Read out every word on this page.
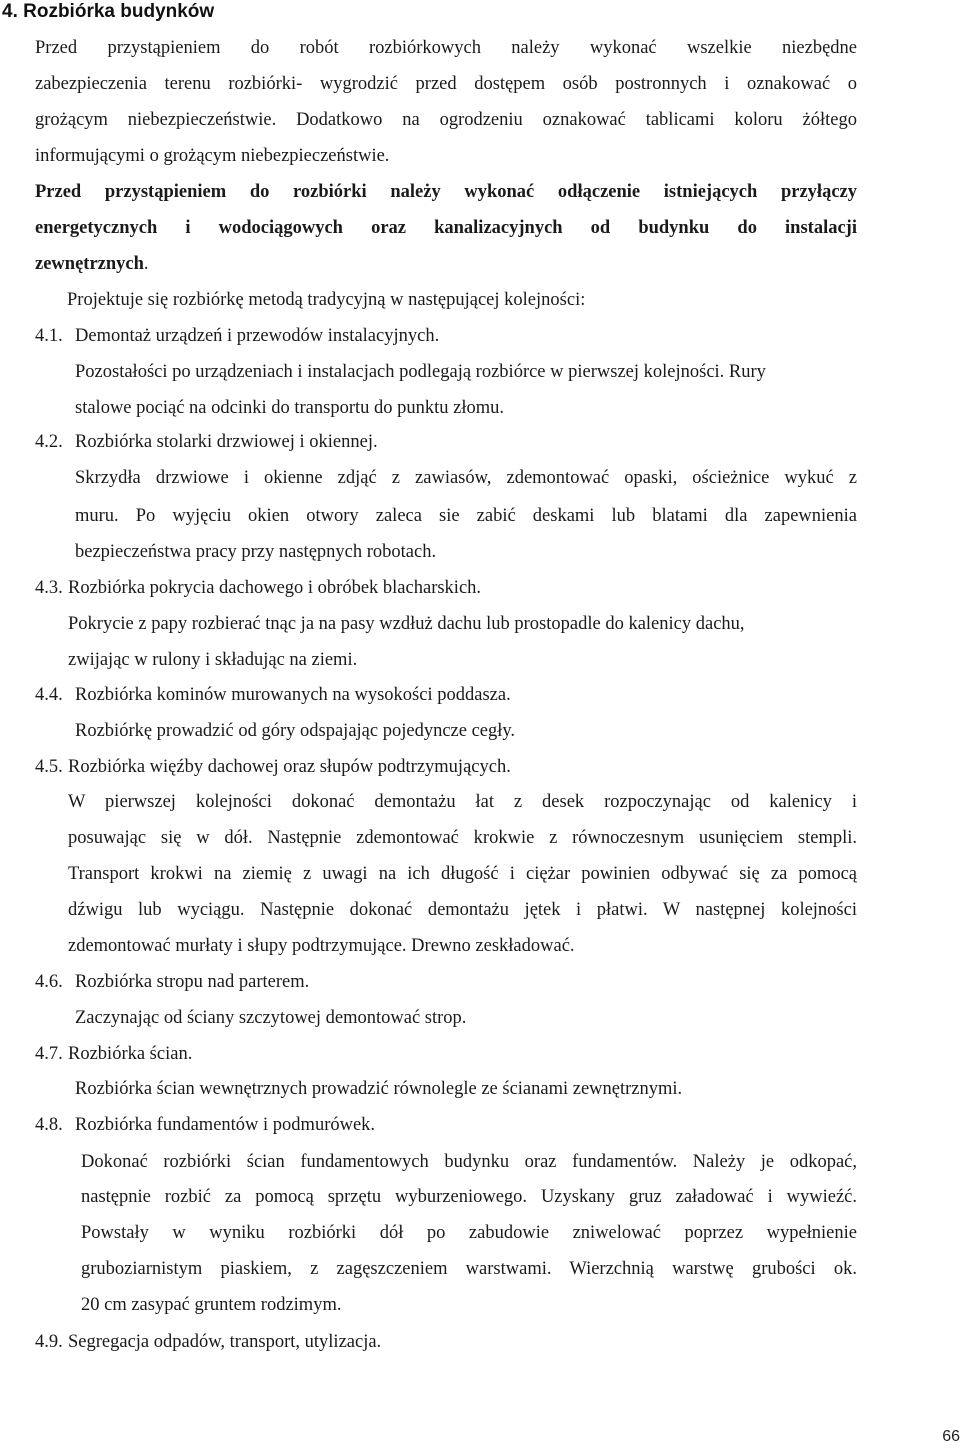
4. Rozbiórka budynków
Przed przystąpieniem do robót rozbiórkowych należy wykonać wszelkie niezbędne
zabezpieczenia terenu rozbiórki- wygrodzić przed dostępem osób postronnych i oznakować o
grożącym niebezpieczeństwie. Dodatkowo na ogrodzeniu oznakować tablicami koloru żółtego
informującymi o grożącym niebezpieczeństwie.
Przed przystąpieniem do rozbiórki należy wykonać odłączenie istniejących przyłączy
energetycznych i wodociągowych oraz kanalizacyjnych od budynku do instalacji
zewnętrznych.
Projektuje się rozbiórkę metodą tradycyjną w następującej kolejności:
4.1. Demontaż urządzeń i przewodów instalacyjnych.
Pozostałości po urządzeniach i instalacjach podlegają rozbiórce w pierwszej kolejności. Rury
stalowe pociąć na odcinki do transportu do punktu złomu.
4.2. Rozbiórka stolarki drzwiowej i okiennej.
Skrzydła drzwiowe i okienne zdjąć z zawiasów, zdemontować opaski, ościeżnice wykuć z
muru. Po wyjęciu okien otwory zaleca sie zabić deskami lub blatami dla zapewnienia
bezpieczeństwa pracy przy następnych robotach.
4.3. Rozbiórka pokrycia dachowego i obróbek blacharskich.
Pokrycie z papy rozbierać tnąc ja na pasy wzdłuż dachu lub prostopadle do kalenicy dachu,
zwijając w rulony i składując na ziemi.
4.4. Rozbiórka kominów murowanych na wysokości poddasza.
Rozbiórkę prowadzić od góry odspajając pojedyncze cegły.
4.5. Rozbiórka więźby dachowej oraz słupów podtrzymujących.
W pierwszej kolejności dokonać demontażu łat z desek rozpoczynając od kalenicy i
posuwając się w dół. Następnie zdemontować krokwie z równoczesnym usunięciem stempli.
Transport krokwi na ziemię z uwagi na ich długość i ciężar powinien odbywać się za pomocą
dźwigu lub wyciągu. Następnie dokonać demontażu jętek i płatwi. W następnej kolejności
zdemontować murłaty i słupy podtrzymujące. Drewno zeskładować.
4.6. Rozbiórka stropu nad parterem.
Zaczynając od ściany szczytowej demontować strop.
4.7. Rozbiórka ścian.
Rozbiórka ścian wewnętrznych prowadzić równolegle ze ścianami zewnętrznymi.
4.8. Rozbiórka fundamentów i podmurówek.
Dokonać rozbiórki ścian fundamentowych budynku oraz fundamentów. Należy je odkopać,
następnie rozbić za pomocą sprzętu wyburzeniowego. Uzyskany gruz załadować i wywieźć.
Powstały w wyniku rozbiórki dół po zabudowie zniwelować poprzez wypełnienie
gruboziarnistym piaskiem, z zagęszczeniem warstwami. Wierzchnią warstwę grubości ok.
20 cm zasypać gruntem rodzimym.
4.9. Segregacja odpadów, transport, utylizacja.
66
